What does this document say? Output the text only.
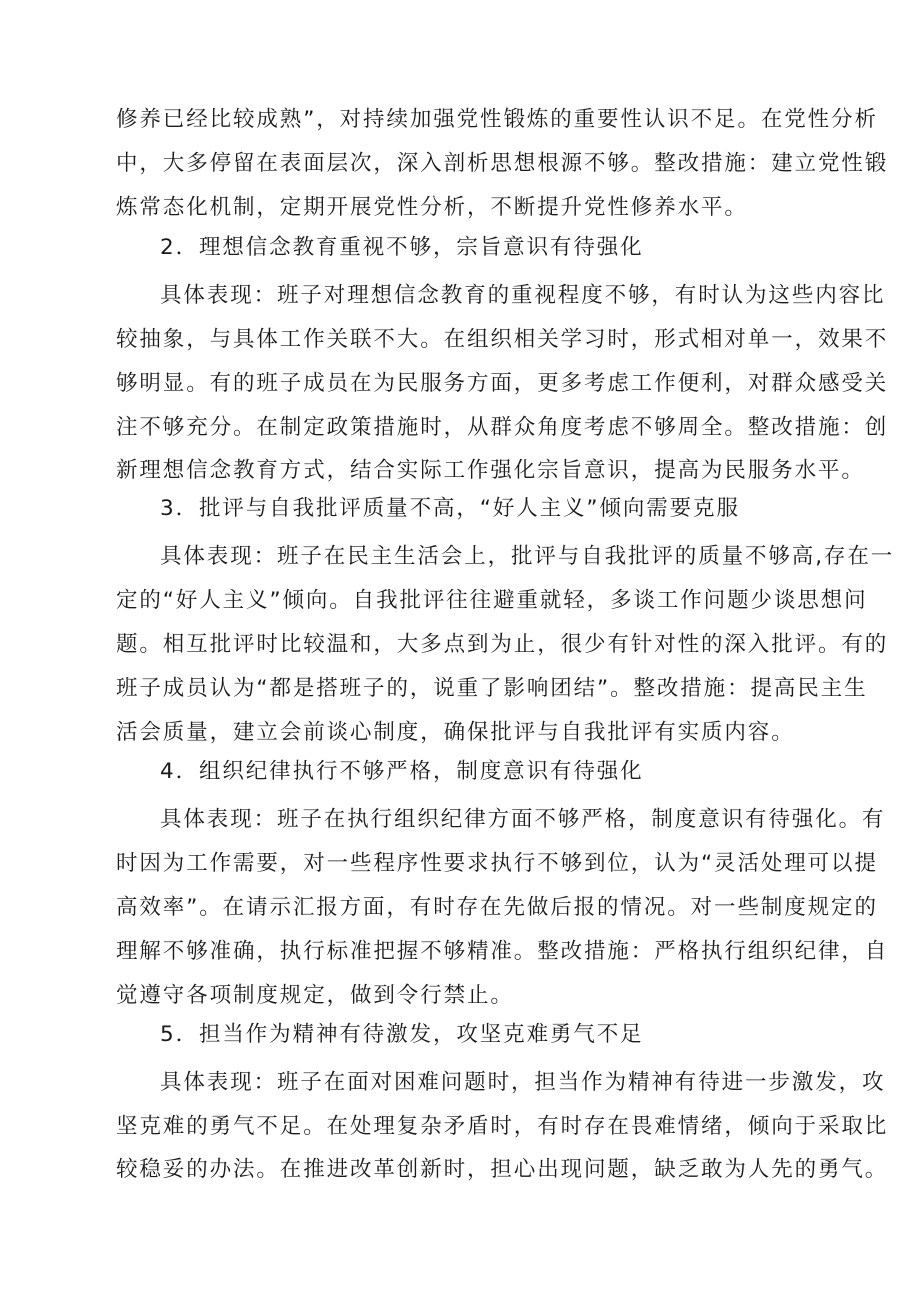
修养已经比较成熟”，对持续加强党性锻炼的重要性认识不足。在党性分析
中，大多停留在表面层次，深入剖析思想根源不够。整改措施：建立党性锻
炼常态化机制，定期开展党性分析，不断提升党性修养水平。
2．理想信念教育重视不够，宗旨意识有待强化
具体表现：班子对理想信念教育的重视程度不够，有时认为这些内容比
较抽象，与具体工作关联不大。在组织相关学习时，形式相对单一，效果不
够明显。有的班子成员在为民服务方面，更多考虑工作便利，对群众感受关
注不够充分。在制定政策措施时，从群众角度考虑不够周全。整改措施：创
新理想信念教育方式，结合实际工作强化宗旨意识，提高为民服务水平。
3．批评与自我批评质量不高，“好人主义”倾向需要克服
具体表现：班子在民主生活会上，批评与自我批评的质量不够高,存在一
定的“好人主义”倾向。自我批评往往避重就轻，多谈工作问题少谈思想问
题。相互批评时比较温和，大多点到为止，很少有针对性的深入批评。有的
班子成员认为“都是搭班子的，说重了影响团结”。整改措施：提高民主生
活会质量，建立会前谈心制度，确保批评与自我批评有实质内容。
4．组织纪律执行不够严格，制度意识有待强化
具体表现：班子在执行组织纪律方面不够严格，制度意识有待强化。有
时因为工作需要，对一些程序性要求执行不够到位，认为“灵活处理可以提
高效率”。在请示汇报方面，有时存在先做后报的情况。对一些制度规定的
理解不够准确，执行标准把握不够精准。整改措施：严格执行组织纪律，自
觉遵守各项制度规定，做到令行禁止。
5．担当作为精神有待激发，攻坚克难勇气不足
具体表现：班子在面对困难问题时，担当作为精神有待进一步激发，攻
坚克难的勇气不足。在处理复杂矛盾时，有时存在畏难情绪，倾向于采取比
较稳妥的办法。在推进改革创新时，担心出现问题，缺乏敢为人先的勇气。
